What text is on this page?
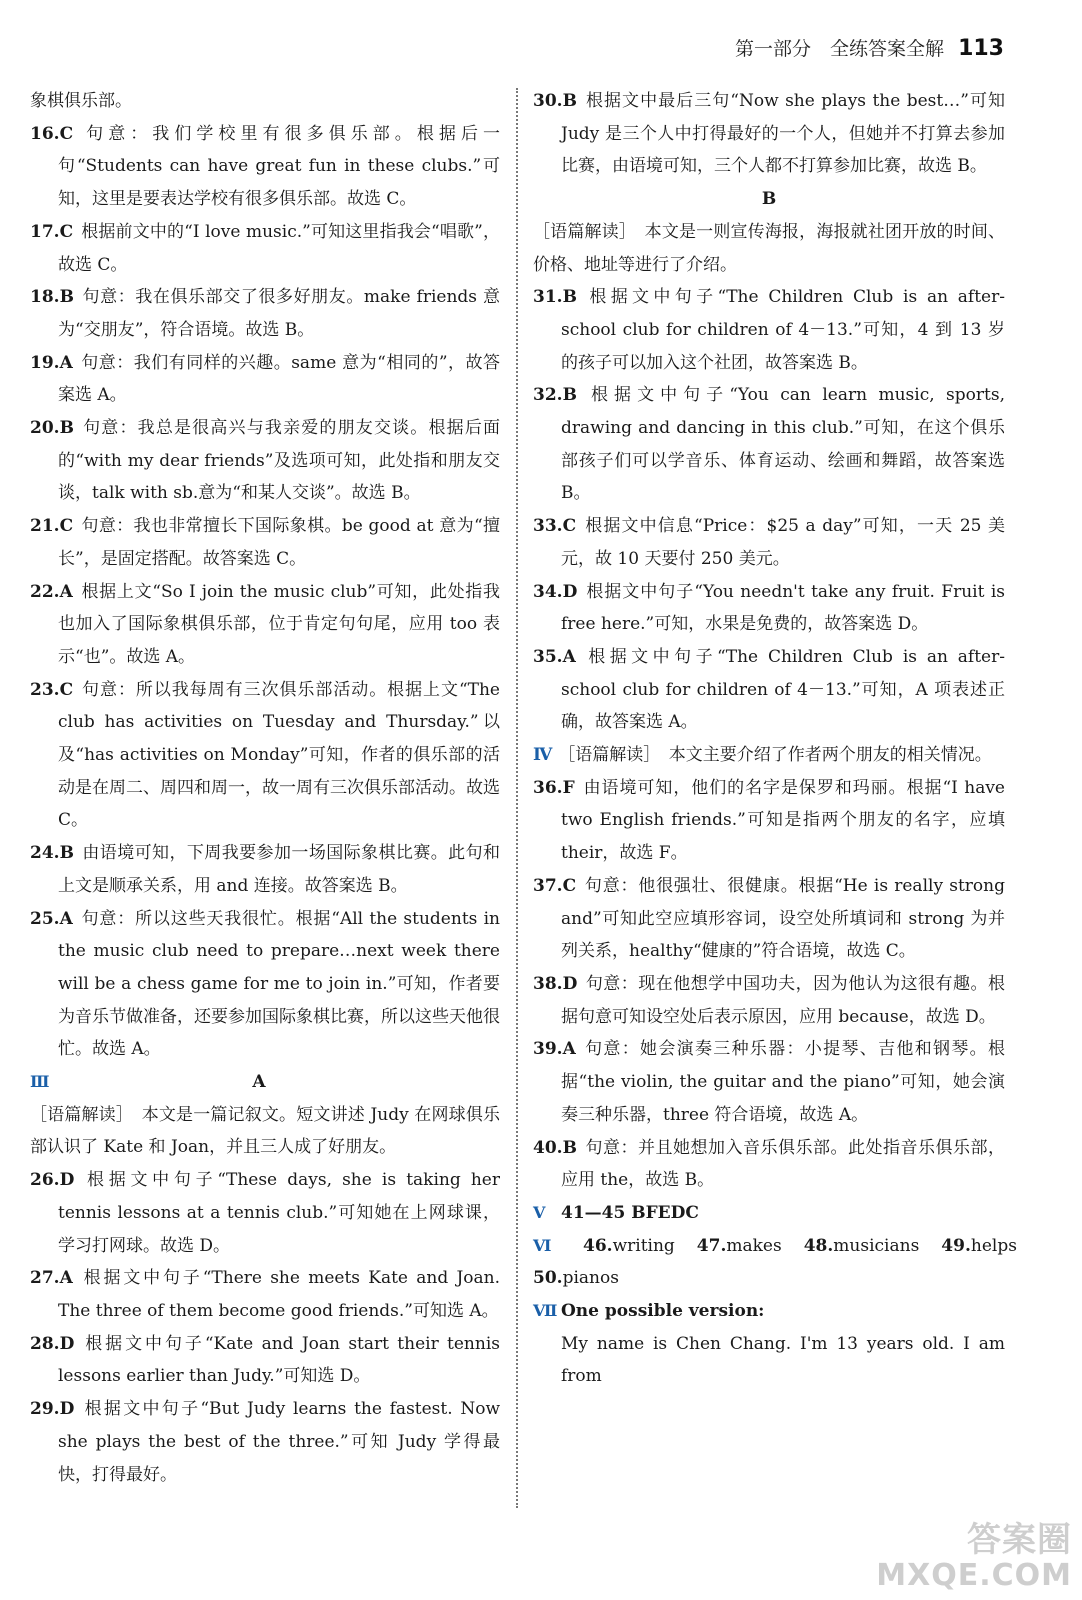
第一部分　全练答案全解 113

象棋俱乐部。

16.C 句意：我们学校里有很多俱乐部。根据后一句“Students can have great fun in these clubs.”可知，这里是要表达学校有很多俱乐部。故选 C。

17.C 根据前文中的“I love music.”可知这里指我会“唱歌”，故选 C。

18.B 句意：我在俱乐部交了很多好朋友。make friends 意为“交朋友”，符合语境。故选 B。

19.A 句意：我们有同样的兴趣。same 意为“相同的”，故答案选 A。

20.B 句意：我总是很高兴与我亲爱的朋友交谈。根据后面的“with my dear friends”及选项可知，此处指和朋友交谈，talk with sb.意为“和某人交谈”。故选 B。

21.C 句意：我也非常擅长下国际象棋。be good at 意为“擅长”，是固定搭配。故答案选 C。

22.A 根据上文“So I join the music club”可知，此处指我也加入了国际象棋俱乐部，位于肯定句句尾，应用 too 表示“也”。故选 A。

23.C 句意：所以我每周有三次俱乐部活动。根据上文“The club has activities on Tuesday and Thursday.”以及“has activities on Monday”可知，作者的俱乐部的活动是在周二、周四和周一，故一周有三次俱乐部活动。故选 C。

24.B 由语境可知，下周我要参加一场国际象棋比赛。此句和上文是顺承关系，用 and 连接。故答案选 B。

25.A 句意：所以这些天我很忙。根据“All the students in the music club need to prepare…next week there will be a chess game for me to join in.”可知，作者要为音乐节做准备，还要参加国际象棋比赛，所以这些天他很忙。故选 A。

Ⅲ	A

［语篇解读］　本文是一篇记叙文。短文讲述 Judy 在网球俱乐部认识了 Kate 和 Joan，并且三人成了好朋友。

26.D 根据文中句子“These days, she is taking her tennis lessons at a tennis club.”可知她在上网球课，学习打网球。故选 D。

27.A 根据文中句子“There she meets Kate and Joan. The three of them become good friends.”可知选 A。

28.D 根据文中句子“Kate and Joan start their tennis lessons earlier than Judy.”可知选 D。

29.D 根据文中句子“But Judy learns the fastest. Now she plays the best of the three.”可知 Judy 学得最快，打得最好。

30.B 根据文中最后三句“Now she plays the best…”可知 Judy 是三个人中打得最好的一个人，但她并不打算去参加比赛，由语境可知，三个人都不打算参加比赛，故选 B。

B

［语篇解读］　本文是一则宣传海报，海报就社团开放的时间、价格、地址等进行了介绍。

31.B 根据文中句子“The Children Club is an after-school club for children of 4－13.”可知，4 到 13 岁的孩子可以加入这个社团，故答案选 B。

32.B 根据文中句子“You can learn music, sports, drawing and dancing in this club.”可知，在这个俱乐部孩子们可以学音乐、体育运动、绘画和舞蹈，故答案选 B。

33.C 根据文中信息“Price：$25 a day”可知，一天 25 美元，故 10 天要付 250 美元。

34.D 根据文中句子“You needn't take any fruit. Fruit is free here.”可知，水果是免费的，故答案选 D。

35.A 根据文中句子“The Children Club is an after-school club for children of 4－13.”可知，A 项表述正确，故答案选 A。

Ⅳ ［语篇解读］　本文主要介绍了作者两个朋友的相关情况。

36.F 由语境可知，他们的名字是保罗和玛丽。根据“I have two English friends.”可知是指两个朋友的名字，应填 their，故选 F。

37.C 句意：他很强壮、很健康。根据“He is really strong and”可知此空应填形容词，设空处所填词和 strong 为并列关系，healthy“健康的”符合语境，故选 C。

38.D 句意：现在他想学中国功夫，因为他认为这很有趣。根据句意可知设空处后表示原因，应用 because，故选 D。

39.A 句意：她会演奏三种乐器：小提琴、吉他和钢琴。根据“the violin, the guitar and the piano”可知，她会演奏三种乐器，three 符合语境，故选 A。

40.B 句意：并且她想加入音乐俱乐部。此处指音乐俱乐部，应用 the，故选 B。

Ⅴ 41—45 BFEDC
Ⅵ	46.writing 47.makes 48.musicians 49.helps

50.pianos

Ⅶ One possible version:

My name is Chen Chang. I'm 13 years old. I am from

答案圈
MXQE.COM
